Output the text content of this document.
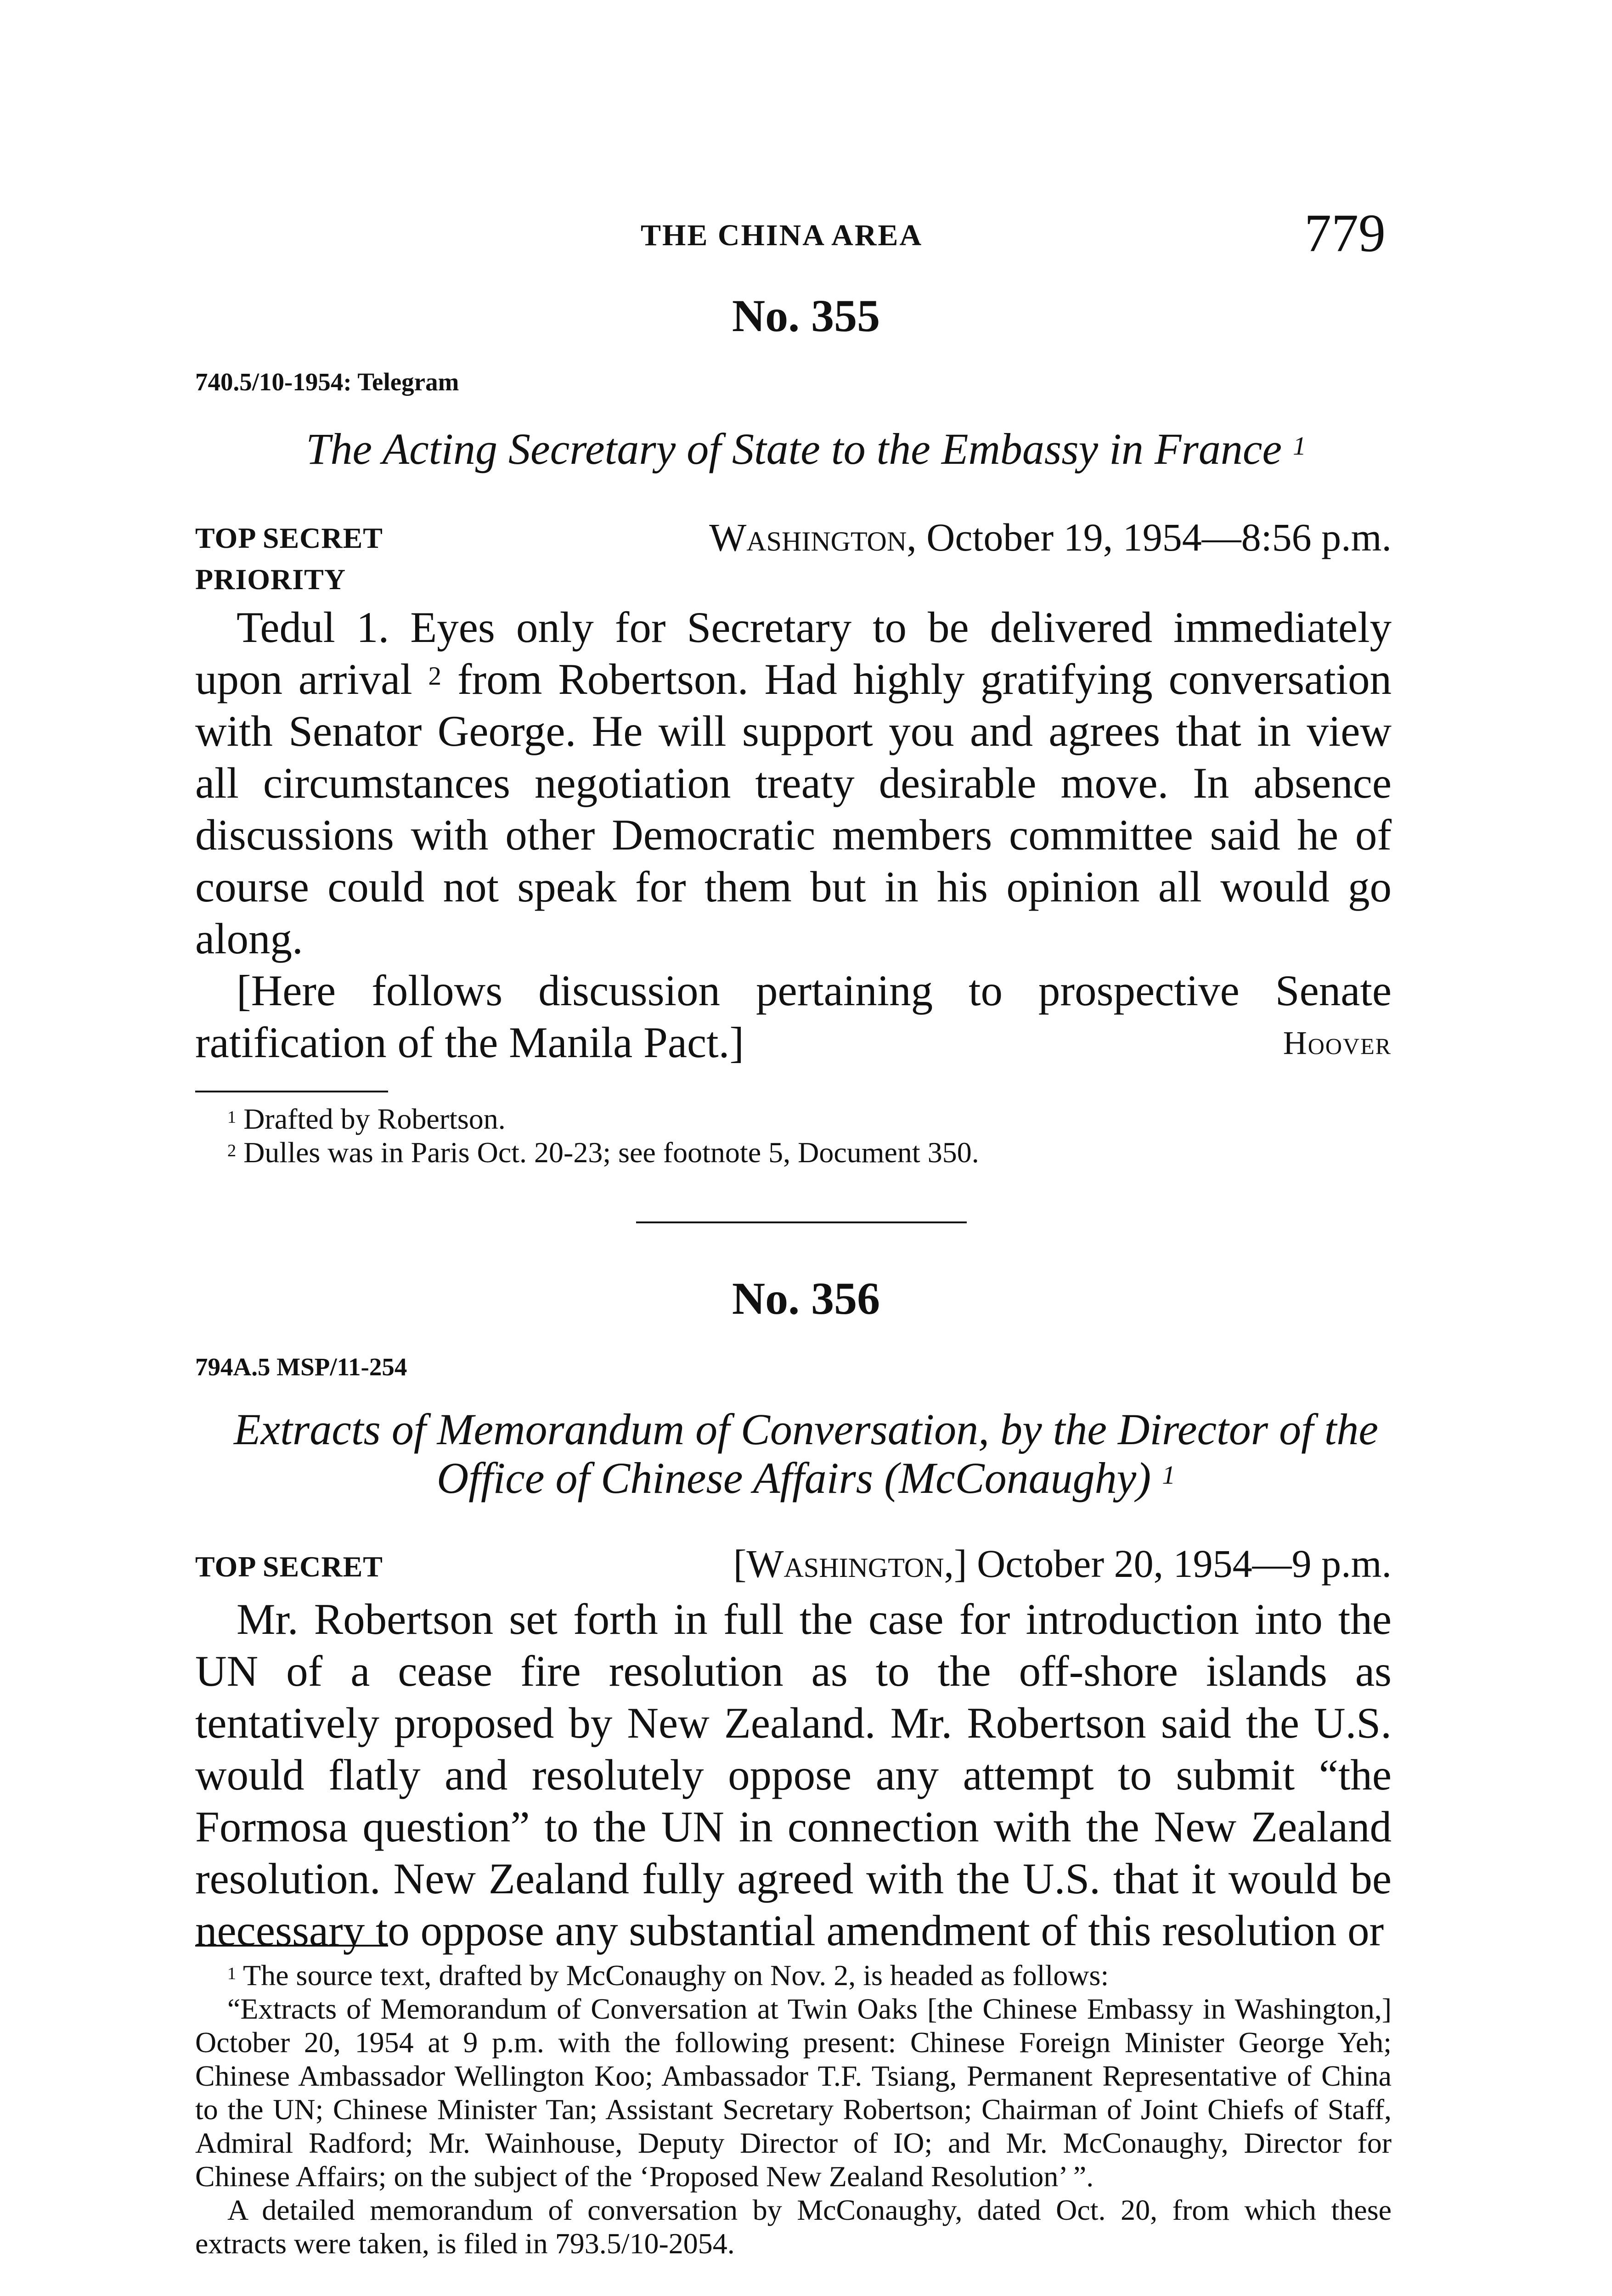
THE CHINA AREA	779
No. 355
740.5/10-1954: Telegram
The Acting Secretary of State to the Embassy in France $^1$
TOP SECRET
PRIORITY
Washington, October 19, 1954—8:56 p.m.

Tedul 1. Eyes only for Secretary to be delivered immediately upon arrival $^2$ from Robertson. Had highly gratifying conversation with Senator George. He will support you and agrees that in view all circumstances negotiation treaty desirable move. In absence discussions with other Democratic members committee said he of course could not speak for them but in his opinion all would go along.

[Here follows discussion pertaining to prospective Senate ratification of the Manila Pact.]	Hoover

$^1$ Drafted by Robertson.

$^2$ Dulles was in Paris Oct. 20-23; see footnote 5, Document 350.

No. 356
794A.5 MSP/11-254
Extracts of Memorandum of Conversation, by the Director of the
Office of Chinese Affairs (McConaughy) $^1$
TOP SECRET	[Washington,] October 20, 1954—9 p.m.

Mr. Robertson set forth in full the case for introduction into the UN of a cease fire resolution as to the off-shore islands as tentatively proposed by New Zealand. Mr. Robertson said the U.S. would flatly and resolutely oppose any attempt to submit “the Formosa question” to the UN in connection with the New Zealand resolution. New Zealand fully agreed with the U.S. that it would be necessary to oppose any substantial amendment of this resolution or

$^1$ The source text, drafted by McConaughy on Nov. 2, is headed as follows:

“Extracts of Memorandum of Conversation at Twin Oaks [the Chinese Embassy in Washington,] October 20, 1954 at 9 p.m. with the following present: Chinese Foreign Minister George Yeh; Chinese Ambassador Wellington Koo; Ambassador T.F. Tsiang, Permanent Representative of China to the UN; Chinese Minister Tan; Assistant Secretary Robertson; Chairman of Joint Chiefs of Staff, Admiral Radford; Mr. Wainhouse, Deputy Director of IO; and Mr. McConaughy, Director for Chinese Affairs; on the subject of the ‘Proposed New Zealand Resolution’ ”.

A detailed memorandum of conversation by McConaughy, dated Oct. 20, from which these extracts were taken, is filed in 793.5/10-2054.
